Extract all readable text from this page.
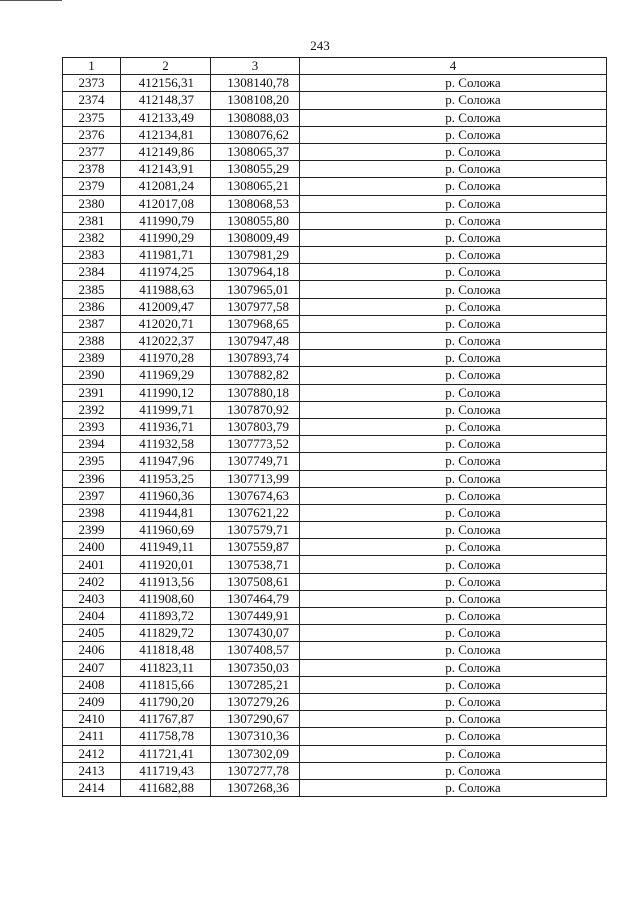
243
1	2	3	4
2373	412156,31	1308140,78	р. Соложа
2374	412148,37	1308108,20	р. Соложа
2375	412133,49	1308088,03	р. Соложа
2376	412134,81	1308076,62	р. Соложа
2377	412149,86	1308065,37	р. Соложа
2378	412143,91	1308055,29	р. Соложа
2379	412081,24	1308065,21	р. Соложа
2380	412017,08	1308068,53	р. Соложа
2381	411990,79	1308055,80	р. Соложа
2382	411990,29	1308009,49	р. Соложа
2383	411981,71	1307981,29	р. Соложа
2384	411974,25	1307964,18	р. Соложа
2385	411988,63	1307965,01	р. Соложа
2386	412009,47	1307977,58	р. Соложа
2387	412020,71	1307968,65	р. Соложа
2388	412022,37	1307947,48	р. Соложа
2389	411970,28	1307893,74	р. Соложа
2390	411969,29	1307882,82	р. Соложа
2391	411990,12	1307880,18	р. Соложа
2392	411999,71	1307870,92	р. Соложа
2393	411936,71	1307803,79	р. Соложа
2394	411932,58	1307773,52	р. Соложа
2395	411947,96	1307749,71	р. Соложа
2396	411953,25	1307713,99	р. Соложа
2397	411960,36	1307674,63	р. Соложа
2398	411944,81	1307621,22	р. Соложа
2399	411960,69	1307579,71	р. Соложа
2400	411949,11	1307559,87	р. Соложа
2401	411920,01	1307538,71	р. Соложа
2402	411913,56	1307508,61	р. Соложа
2403	411908,60	1307464,79	р. Соложа
2404	411893,72	1307449,91	р. Соложа
2405	411829,72	1307430,07	р. Соложа
2406	411818,48	1307408,57	р. Соложа
2407	411823,11	1307350,03	р. Соложа
2408	411815,66	1307285,21	р. Соложа
2409	411790,20	1307279,26	р. Соложа
2410	411767,87	1307290,67	р. Соложа
2411	411758,78	1307310,36	р. Соложа
2412	411721,41	1307302,09	р. Соложа
2413	411719,43	1307277,78	р. Соложа
2414	411682,88	1307268,36	р. Соложа
